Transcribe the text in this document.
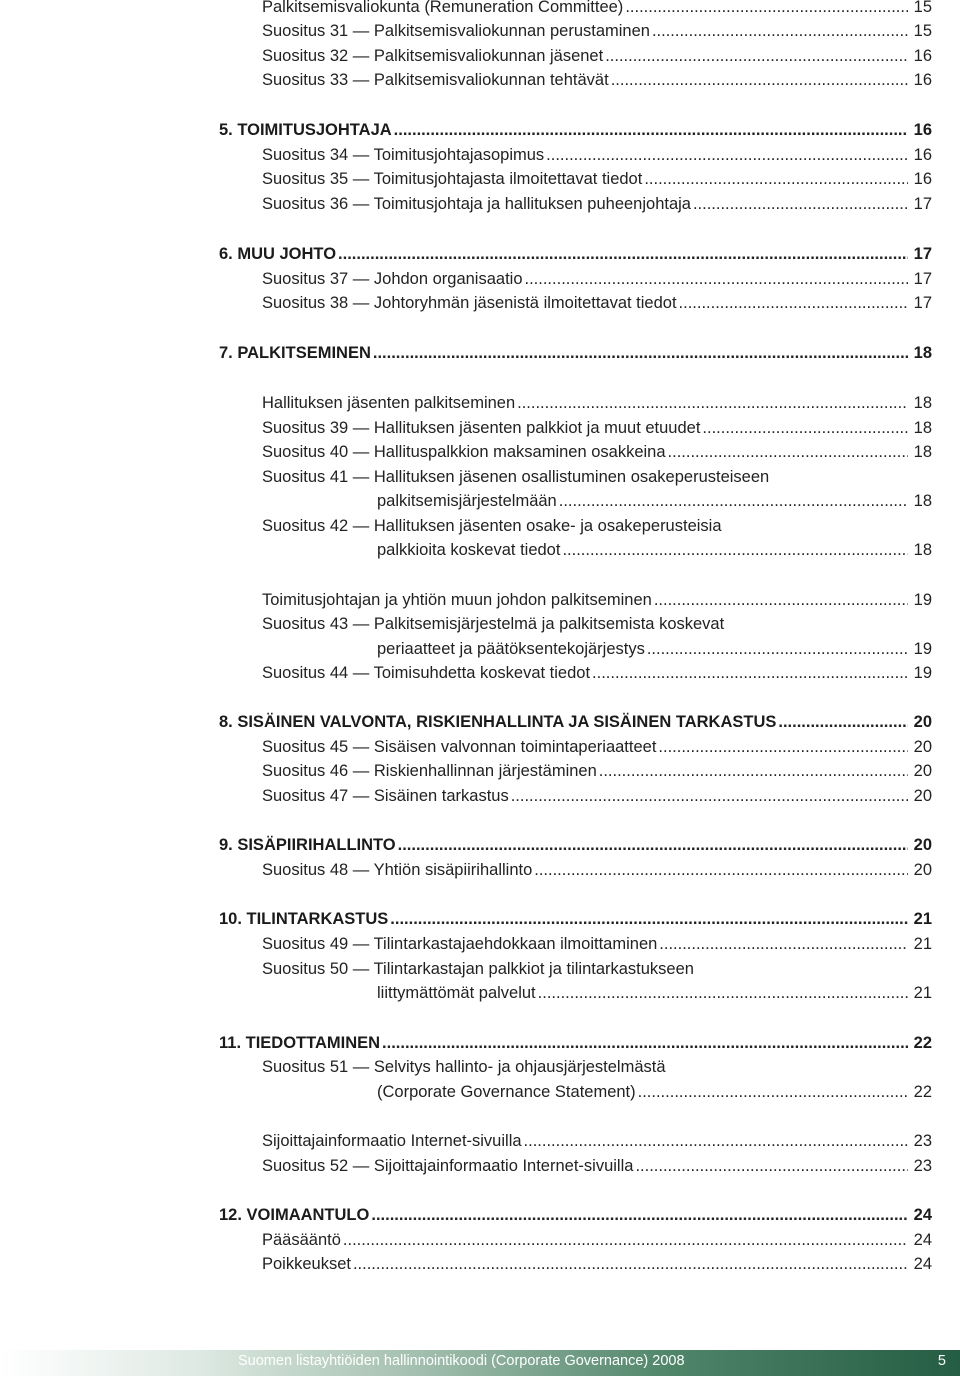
Palkitsemisvaliokunta (Remuneration Committee) .....	15
Suositus 31 — Palkitsemisvaliokunnan perustaminen .....	15
Suositus 32 — Palkitsemisvaliokunnan jäsenet .....	16
Suositus 33 — Palkitsemisvaliokunnan tehtävät .....	16
5. TOIMITUSJOHTAJA .....	16
Suositus 34 — Toimitusjohtajasopimus .....	16
Suositus 35 — Toimitusjohtajasta ilmoitettavat tiedot .....	16
Suositus 36 — Toimitusjohtaja ja hallituksen puheenjohtaja .....	17
6. MUU JOHTO .....	17
Suositus 37 — Johdon organisaatio .....	17
Suositus 38 — Johtoryhmän jäsenistä ilmoitettavat tiedot .....	17
7. PALKITSEMINEN .....	18
Hallituksen jäsenten palkitseminen .....	18
Suositus 39 — Hallituksen jäsenten palkkiot ja muut etuudet .....	18
Suositus 40 — Hallituspalkkion maksaminen osakkeina .....	18
Suositus 41 — Hallituksen jäsenen osallistuminen osakeperusteiseen
palkitsemisjärjestelmään .....	18
Suositus 42 — Hallituksen jäsenten osake- ja osakeperusteisia
palkkioita koskevat tiedot .....	18
Toimitusjohtajan ja yhtiön muun johdon palkitseminen .....	19
Suositus 43 — Palkitsemisjärjestelmä ja palkitsemista koskevat
periaatteet ja päätöksentekojärjestys .....	19
Suositus 44 — Toimisuhdetta koskevat tiedot .....	19
8. SISÄINEN VALVONTA, RISKIENHALLINTA JA SISÄINEN TARKASTUS .....	20
Suositus 45 — Sisäisen valvonnan toimintaperiaatteet .....	20
Suositus 46 — Riskienhallinnan järjestäminen .....	20
Suositus 47 — Sisäinen tarkastus .....	20
9. SISÄPIIRIHALLINTO .....	20
Suositus 48 — Yhtiön sisäpiirihallinto .....	20
10. TILINTARKASTUS .....	21
Suositus 49 — Tilintarkastajaehdokkaan ilmoittaminen .....	21
Suositus 50 — Tilintarkastajan palkkiot ja tilintarkastukseen
liittymättömät palvelut .....	21
11. TIEDOTTAMINEN .....	22
Suositus 51 — Selvitys hallinto- ja ohjausjärjestelmästä
(Corporate Governance Statement) .....	22
Sijoittajainformaatio Internet-sivuilla .....	23
Suositus 52 — Sijoittajainformaatio Internet-sivuilla .....	23
12. VOIMAANTULO .....	24
Pääsääntö .....	24
Poikkeukset .....	24
Suomen listayhtiöiden hallinnointikoodi (Corporate Governance) 2008	5
